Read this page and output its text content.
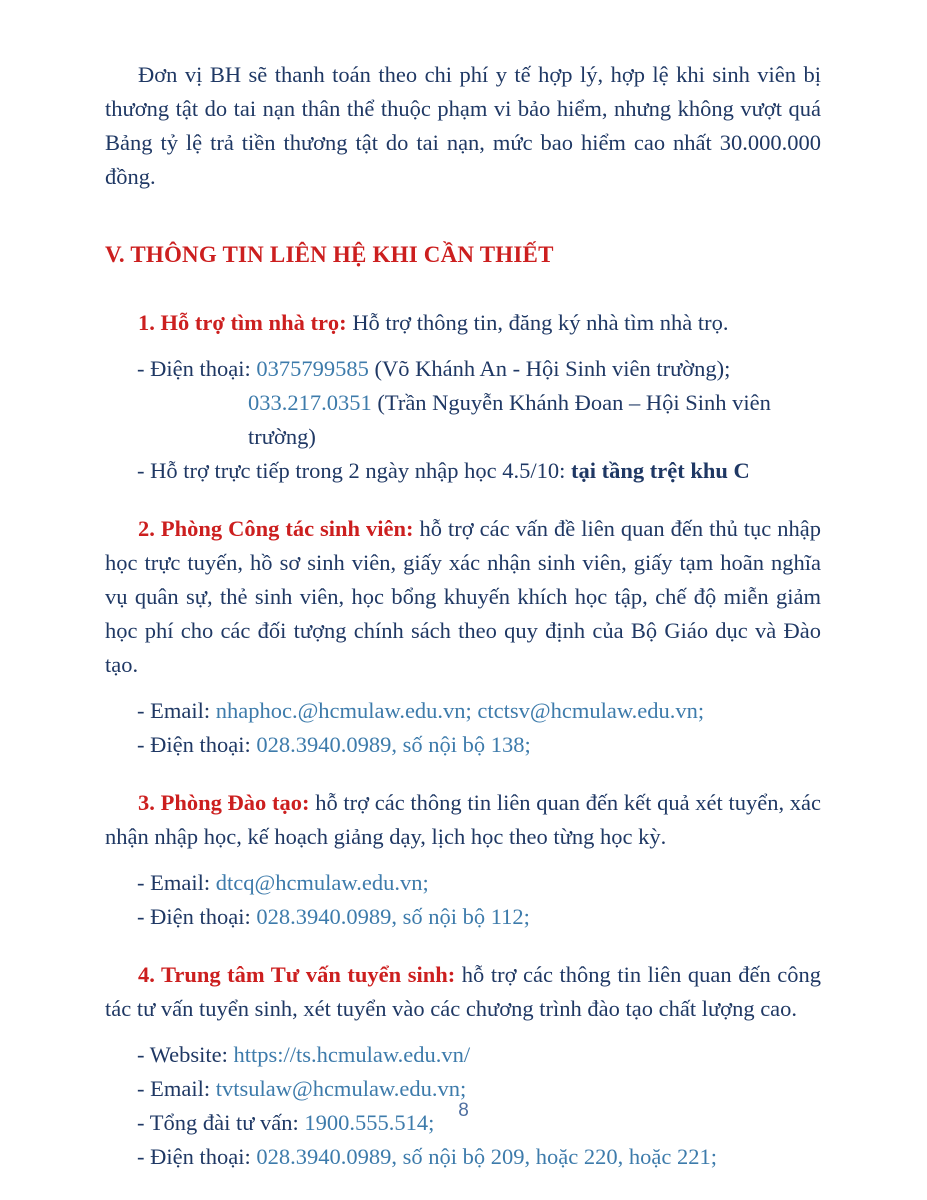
Đơn vị BH sẽ thanh toán theo chi phí y tế hợp lý, hợp lệ khi sinh viên bị thương tật do tai nạn thân thể thuộc phạm vi bảo hiểm, nhưng không vượt quá Bảng tỷ lệ trả tiền thương tật do tai nạn, mức bao hiểm cao nhất 30.000.000 đồng.

V. THÔNG TIN LIÊN HỆ KHI CẦN THIẾT

1. Hỗ trợ tìm nhà trọ: Hỗ trợ thông tin, đăng ký nhà tìm nhà trọ.

- Điện thoại: 0375799585 (Võ Khánh An - Hội Sinh viên trường);

033.217.0351 (Trần Nguyễn Khánh Đoan – Hội Sinh viên trường)

- Hỗ trợ trực tiếp trong 2 ngày nhập học 4.5/10: tại tầng trệt khu C

2. Phòng Công tác sinh viên: hỗ trợ các vấn đề liên quan đến thủ tục nhập học trực tuyến, hồ sơ sinh viên, giấy xác nhận sinh viên, giấy tạm hoãn nghĩa vụ quân sự, thẻ sinh viên, học bổng khuyến khích học tập, chế độ miễn giảm học phí cho các đối tượng chính sách theo quy định của Bộ Giáo dục và Đào tạo.

- Email: nhaphoc.@hcmulaw.edu.vn; ctctsv@hcmulaw.edu.vn;

- Điện thoại: 028.3940.0989, số nội bộ 138;

3. Phòng Đào tạo: hỗ trợ các thông tin liên quan đến kết quả xét tuyển, xác nhận nhập học, kế hoạch giảng dạy, lịch học theo từng học kỳ.

- Email: dtcq@hcmulaw.edu.vn;

- Điện thoại: 028.3940.0989, số nội bộ 112;

4. Trung tâm Tư vấn tuyển sinh: hỗ trợ các thông tin liên quan đến công tác tư vấn tuyển sinh, xét tuyển vào các chương trình đào tạo chất lượng cao.

- Website: https://ts.hcmulaw.edu.vn/

- Email: tvtsulaw@hcmulaw.edu.vn;

- Tổng đài tư vấn: 1900.555.514;

- Điện thoại: 028.3940.0989, số nội bộ 209, hoặc 220, hoặc 221;

8
